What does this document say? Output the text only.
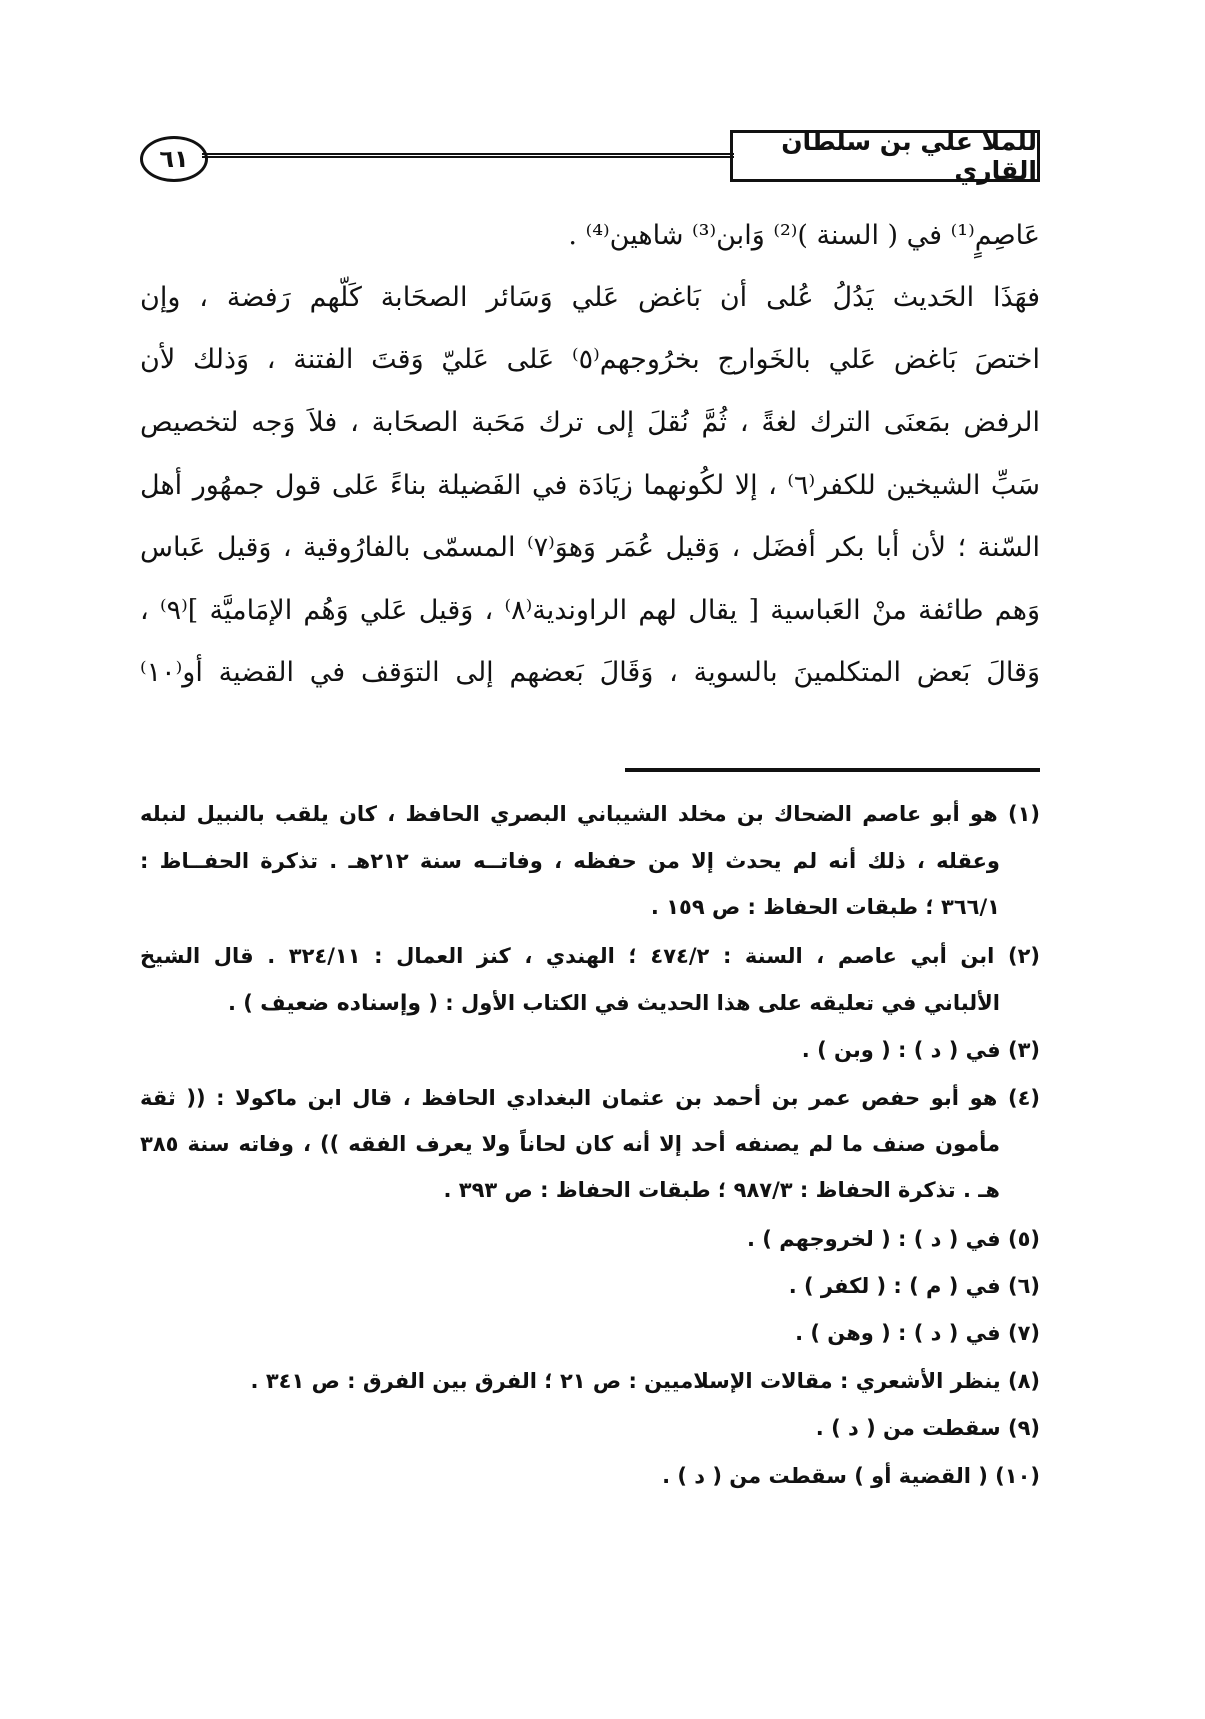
للملا علي بن سلطان القاري
٦١
عَاصِمٍ⁽¹⁾ في ( السنة )⁽²⁾ وَابن⁽³⁾ شاهين⁽⁴⁾ .
فهَذَا الحَديث يَدُلُ عُلى أن بَاغض عَلي وَسَائر الصحَابة كَلّهم رَفضة ، وإن
اختصَ بَاغض عَلي بالخَوارج بخرُوجهم⁽٥⁾ عَلى عَليّ وَقتَ الفتنة ، وَذلك لأن
الرفض بمَعنَى الترك لغةً ، ثُمَّ نُقلَ إلى ترك مَحَبة الصحَابة ، فلاَ وَجه لتخصيص
سَبِّ الشيخين للكفر⁽٦⁾ ، إلا لكُونهما زيَادَة في الفَضيلة بناءً عَلى قول جمهُور أهل
السّنة ؛ لأن أبا بكر أفضَل ، وَقيل عُمَر وَهوَ⁽٧⁾ المسمّى بالفارُوقية ، وَقيل عَباس
وَهم طائفة منْ العَباسية [ يقال لهم الراوندية⁽٨⁾ ، وَقيل عَلي وَهُم الإمَاميَّة ]⁽٩⁾ ،
وَقالَ بَعض المتكلمينَ بالسوية ، وَقَالَ بَعضهم إلى التوَقف في القضية أو⁽١٠⁾
(١) هو أبو عاصم الضحاك بن مخلد الشيباني البصري الحافظ ، كان يلقب بالنبيل لنبله
وعقله ، ذلك أنه لم يحدث إلا من حفظه ، وفاتــه سنة ٢١٢هـ . تذكرة الحفــاظ :
٣٦٦/١ ؛ طبقات الحفاظ : ص ١٥٩ .
(٢) ابن أبي عاصم ، السنة : ٤٧٤/٢ ؛ الهندي ، كنز العمال : ٣٢٤/١١ . قال الشيخ
الألباني في تعليقه على هذا الحديث في الكتاب الأول : ( وإسناده ضعيف ) .
(٣) في ( د ) : ( وبن ) .
(٤) هو أبو حفص عمر بن أحمد بن عثمان البغدادي الحافظ ، قال ابن ماكولا : (( ثقة
مأمون صنف ما لم يصنفه أحد إلا أنه كان لحاناً ولا يعرف الفقه )) ، وفاته سنة ٣٨٥
هـ . تذكرة الحفاظ : ٩٨٧/٣ ؛ طبقات الحفاظ : ص ٣٩٣ .
(٥) في ( د ) : ( لخروجهم ) .
(٦) في ( م ) : ( لكفر ) .
(٧) في ( د ) : ( وهن ) .
(٨) ينظر الأشعري : مقالات الإسلاميين : ص ٢١ ؛ الفرق بين الفرق : ص ٣٤١ .
(٩) سقطت من ( د ) .
(١٠) ( القضية أو ) سقطت من ( د ) .
